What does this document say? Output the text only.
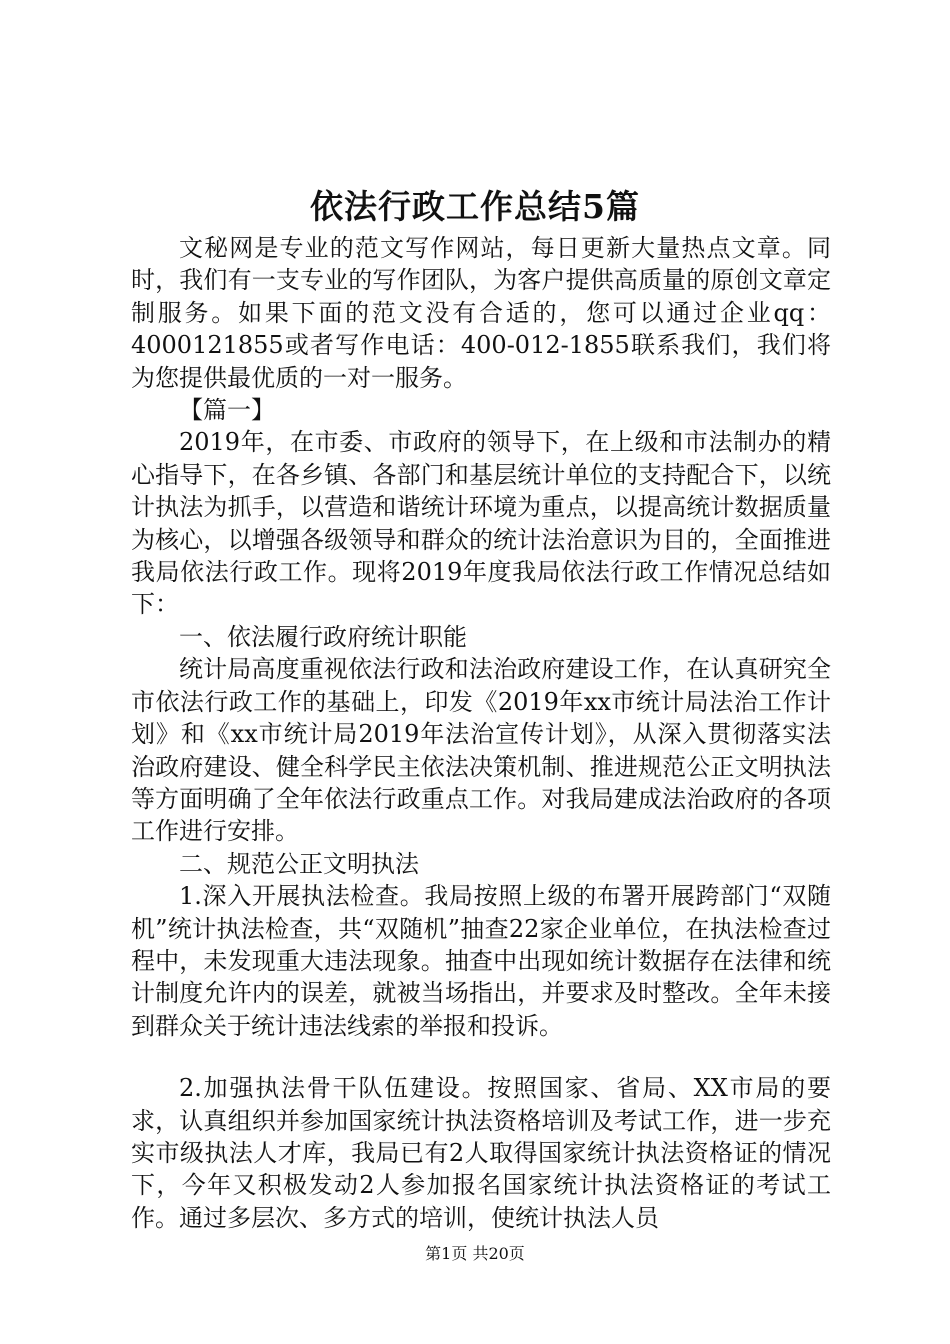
依法行政工作总结5篇

文秘网是专业的范文写作网站，每日更新大量热点文章。同时，我们有一支专业的写作团队，为客户提供高质量的原创文章定制服务。如果下面的范文没有合适的，您可以通过企业qq：4000121855或者写作电话：400-012-1855联系我们，我们将为您提供最优质的一对一服务。

【篇一】

2019年，在市委、市政府的领导下，在上级和市法制办的精心指导下，在各乡镇、各部门和基层统计单位的支持配合下，以统计执法为抓手，以营造和谐统计环境为重点，以提高统计数据质量为核心，以增强各级领导和群众的统计法治意识为目的，全面推进我局依法行政工作。现将2019年度我局依法行政工作情况总结如下：

一、依法履行政府统计职能

统计局高度重视依法行政和法治政府建设工作，在认真研究全市依法行政工作的基础上，印发《2019年xx市统计局法治工作计划》和《xx市统计局2019年法治宣传计划》，从深入贯彻落实法治政府建设、健全科学民主依法决策机制、推进规范公正文明执法等方面明确了全年依法行政重点工作。对我局建成法治政府的各项工作进行安排。

二、规范公正文明执法

1.深入开展执法检查。我局按照上级的布署开展跨部门“双随机”统计执法检查，共“双随机”抽查22家企业单位，在执法检查过程中，未发现重大违法现象。抽查中出现如统计数据存在法律和统计制度允许内的误差，就被当场指出，并要求及时整改。全年未接到群众关于统计违法线索的举报和投诉。

2.加强执法骨干队伍建设。按照国家、省局、XX市局的要求，认真组织并参加国家统计执法资格培训及考试工作，进一步充实市级执法人才库，我局已有2人取得国家统计执法资格证的情况下，今年又积极发动2人参加报名国家统计执法资格证的考试工作。通过多层次、多方式的培训，使统计执法人员

第1页 共20页
